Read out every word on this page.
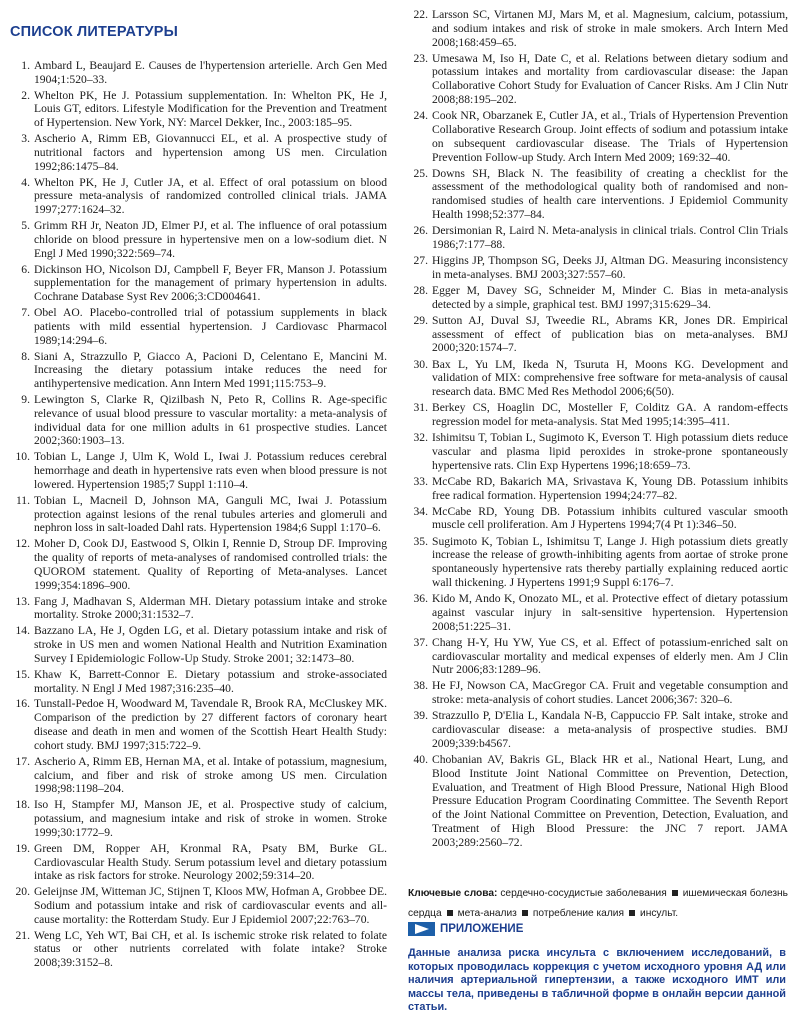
СПИСОК ЛИТЕРАТУРЫ
1. Ambard L, Beaujard E. Causes de l'hypertension arterielle. Arch Gen Med 1904;1:520–33.
2. Whelton PK, He J. Potassium supplementation. In: Whelton PK, He J, Louis GT, editors. Lifestyle Modification for the Prevention and Treatment of Hypertension. New York, NY: Marcel Dekker, Inc., 2003:185–95.
3. Ascherio A, Rimm EB, Giovannucci EL, et al. A prospective study of nutritional factors and hypertension among US men. Circulation 1992;86:1475–84.
4. Whelton PK, He J, Cutler JA, et al. Effect of oral potassium on blood pressure meta-analysis of randomized controlled clinical trials. JAMA 1997;277:1624–32.
5. Grimm RH Jr, Neaton JD, Elmer PJ, et al. The influence of oral potassium chloride on blood pressure in hypertensive men on a low-sodium diet. N Engl J Med 1990;322:569–74.
6. Dickinson HO, Nicolson DJ, Campbell F, Beyer FR, Manson J. Potassium supplementation for the management of primary hypertension in adults. Cochrane Database Syst Rev 2006;3:CD004641.
7. Obel AO. Placebo-controlled trial of potassium supplements in black patients with mild essential hypertension. J Cardiovasc Pharmacol 1989;14:294–6.
8. Siani A, Strazzullo P, Giacco A, Pacioni D, Celentano E, Mancini M. Increasing the dietary potassium intake reduces the need for antihypertensive medication. Ann Intern Med 1991;115:753–9.
9. Lewington S, Clarke R, Qizilbash N, Peto R, Collins R. Age-specific relevance of usual blood pressure to vascular mortality: a meta-analysis of individual data for one million adults in 61 prospective studies. Lancet 2002;360:1903–13.
10. Tobian L, Lange J, Ulm K, Wold L, Iwai J. Potassium reduces cerebral hemorrhage and death in hypertensive rats even when blood pressure is not lowered. Hypertension 1985;7 Suppl 1:110–4.
11. Tobian L, Macneil D, Johnson MA, Ganguli MC, Iwai J. Potassium protection against lesions of the renal tubules arteries and glomeruli and nephron loss in salt-loaded Dahl rats. Hypertension 1984;6 Suppl 1:170–6.
12. Moher D, Cook DJ, Eastwood S, Olkin I, Rennie D, Stroup DF. Improving the quality of reports of meta-analyses of randomised controlled trials: the QUOROM statement. Quality of Reporting of Meta-analyses. Lancet 1999;354:1896–900.
13. Fang J, Madhavan S, Alderman MH. Dietary potassium intake and stroke mortality. Stroke 2000;31:1532–7.
14. Bazzano LA, He J, Ogden LG, et al. Dietary potassium intake and risk of stroke in US men and women National Health and Nutrition Examination Survey I Epidemiologic Follow-Up Study. Stroke 2001; 32:1473–80.
15. Khaw K, Barrett-Connor E. Dietary potassium and stroke-associated mortality. N Engl J Med 1987;316:235–40.
16. Tunstall-Pedoe H, Woodward M, Tavendale R, Brook RA, McCluskey MK. Comparison of the prediction by 27 different factors of coronary heart disease and death in men and women of the Scottish Heart Health Study: cohort study. BMJ 1997;315:722–9.
17. Ascherio A, Rimm EB, Hernan MA, et al. Intake of potassium, magnesium, calcium, and fiber and risk of stroke among US men. Circulation 1998;98:1198–204.
18. Iso H, Stampfer MJ, Manson JE, et al. Prospective study of calcium, potassium, and magnesium intake and risk of stroke in women. Stroke 1999;30:1772–9.
19. Green DM, Ropper AH, Kronmal RA, Psaty BM, Burke GL. Cardiovascular Health Study. Serum potassium level and dietary potassium intake as risk factors for stroke. Neurology 2002;59:314–20.
20. Geleijnse JM, Witteman JC, Stijnen T, Kloos MW, Hofman A, Grobbee DE. Sodium and potassium intake and risk of cardiovascular events and all-cause mortality: the Rotterdam Study. Eur J Epidemiol 2007;22:763–70.
21. Weng LC, Yeh WT, Bai CH, et al. Is ischemic stroke risk related to folate status or other nutrients correlated with folate intake? Stroke 2008;39:3152–8.
22. Larsson SC, Virtanen MJ, Mars M, et al. Magnesium, calcium, potassium, and sodium intakes and risk of stroke in male smokers. Arch Intern Med 2008;168:459–65.
23. Umesawa M, Iso H, Date C, et al. Relations between dietary sodium and potassium intakes and mortality from cardiovascular disease: the Japan Collaborative Cohort Study for Evaluation of Cancer Risks. Am J Clin Nutr 2008;88:195–202.
24. Cook NR, Obarzanek E, Cutler JA, et al., Trials of Hypertension Prevention Collaborative Research Group. Joint effects of sodium and potassium intake on subsequent cardiovascular disease. The Trials of Hypertension Prevention Follow-up Study. Arch Intern Med 2009; 169:32–40.
25. Downs SH, Black N. The feasibility of creating a checklist for the assessment of the methodological quality both of randomised and non-randomised studies of health care interventions. J Epidemiol Community Health 1998;52:377–84.
26. Dersimonian R, Laird N. Meta-analysis in clinical trials. Control Clin Trials 1986;7:177–88.
27. Higgins JP, Thompson SG, Deeks JJ, Altman DG. Measuring inconsistency in meta-analyses. BMJ 2003;327:557–60.
28. Egger M, Davey SG, Schneider M, Minder C. Bias in meta-analysis detected by a simple, graphical test. BMJ 1997;315:629–34.
29. Sutton AJ, Duval SJ, Tweedie RL, Abrams KR, Jones DR. Empirical assessment of effect of publication bias on meta-analyses. BMJ 2000;320:1574–7.
30. Bax L, Yu LM, Ikeda N, Tsuruta H, Moons KG. Development and validation of MIX: comprehensive free software for meta-analysis of causal research data. BMC Med Res Methodol 2006;6(50).
31. Berkey CS, Hoaglin DC, Mosteller F, Colditz GA. A random-effects regression model for meta-analysis. Stat Med 1995;14:395–411.
32. Ishimitsu T, Tobian L, Sugimoto K, Everson T. High potassium diets reduce vascular and plasma lipid peroxides in stroke-prone spontaneously hypertensive rats. Clin Exp Hypertens 1996;18:659–73.
33. McCabe RD, Bakarich MA, Srivastava K, Young DB. Potassium inhibits free radical formation. Hypertension 1994;24:77–82.
34. McCabe RD, Young DB. Potassium inhibits cultured vascular smooth muscle cell proliferation. Am J Hypertens 1994;7(4 Pt 1):346–50.
35. Sugimoto K, Tobian L, Ishimitsu T, Lange J. High potassium diets greatly increase the release of growth-inhibiting agents from aortae of stroke prone spontaneously hypertensive rats thereby partially explaining reduced aortic wall thickening. J Hypertens 1991;9 Suppl 6:176–7.
36. Kido M, Ando K, Onozato ML, et al. Protective effect of dietary potassium against vascular injury in salt-sensitive hypertension. Hypertension 2008;51:225–31.
37. Chang H-Y, Hu YW, Yue CS, et al. Effect of potassium-enriched salt on cardiovascular mortality and medical expenses of elderly men. Am J Clin Nutr 2006;83:1289–96.
38. He FJ, Nowson CA, MacGregor CA. Fruit and vegetable consumption and stroke: meta-analysis of cohort studies. Lancet 2006;367: 320–6.
39. Strazzullo P, D'Elia L, Kandala N-B, Cappuccio FP. Salt intake, stroke and cardiovascular disease: a meta-analysis of prospective studies. BMJ 2009;339:b4567.
40. Chobanian AV, Bakris GL, Black HR et al., National Heart, Lung, and Blood Institute Joint National Committee on Prevention, Detection, Evaluation, and Treatment of High Blood Pressure, National High Blood Pressure Education Program Coordinating Committee. The Seventh Report of the Joint National Committee on Prevention, Detection, Evaluation, and Treatment of High Blood Pressure: the JNC 7 report. JAMA 2003;289:2560–72.
Ключевые слова: сердечно-сосудистые заболевания ишемическая болезнь сердца мета-анализ потребление калия инсульт.
ПРИЛОЖЕНИЕ
Данные анализа риска инсульта с включением исследований, в которых проводилась коррекция с учетом исходного уровня АД или наличия артериальной гипертензии, а также исходного ИМТ или массы тела, приведены в табличной форме в онлайн версии данной статьи.
